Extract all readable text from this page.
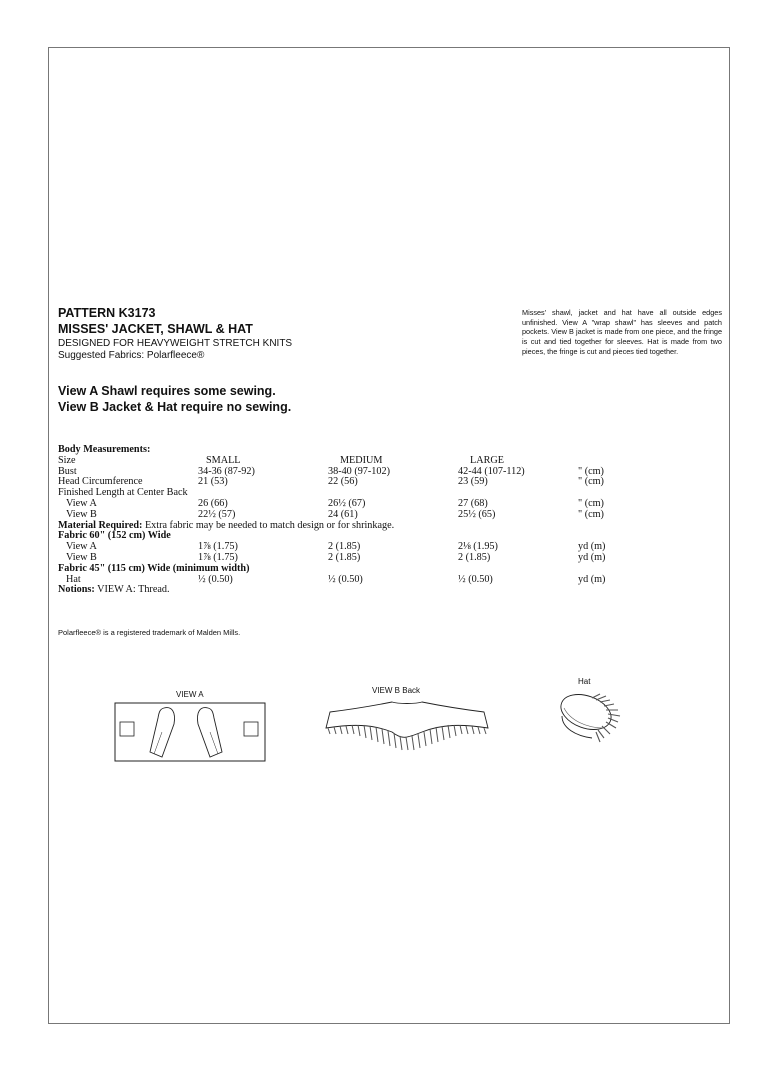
PATTERN K3173
MISSES' JACKET, SHAWL & HAT
DESIGNED FOR HEAVYWEIGHT STRETCH KNITS
Suggested Fabrics: Polarfleece®
Misses' shawl, jacket and hat have all outside edges unfinished. View A "wrap shawl" has sleeves and patch pockets. View B jacket is made from one piece, and the fringe is cut and tied together for sleeves. Hat is made from two pieces, the fringe is cut and pieces tied together.
View A Shawl requires some sewing.
View B Jacket & Hat require no sewing.
Body Measurements:
Size	SMALL	MEDIUM	LARGE
Bust	34-36 (87-92)	38-40 (97-102)	42-44 (107-112)	" (cm)
Head Circumference	21 (53)	22 (56)	23 (59)	" (cm)
Finished Length at Center Back
View A	26 (66)	26½ (67)	27 (68)	" (cm)
View B	22½ (57)	24 (61)	25½ (65)	" (cm)
Material Required: Extra fabric may be needed to match design or for shrinkage.
Fabric 60" (152 cm) Wide
View A	1⅞ (1.75)	2 (1.85)	2⅛ (1.95)	yd (m)
View B	1⅞ (1.75)	2 (1.85)	2 (1.85)	yd (m)
Fabric 45" (115 cm) Wide (minimum width)
Hat	½ (0.50)	½ (0.50)	½ (0.50)	yd (m)
Notions: VIEW A: Thread.
Polarfleece® is a registered trademark of Malden Mills.
VIEW A	VIEW B Back
Hat
